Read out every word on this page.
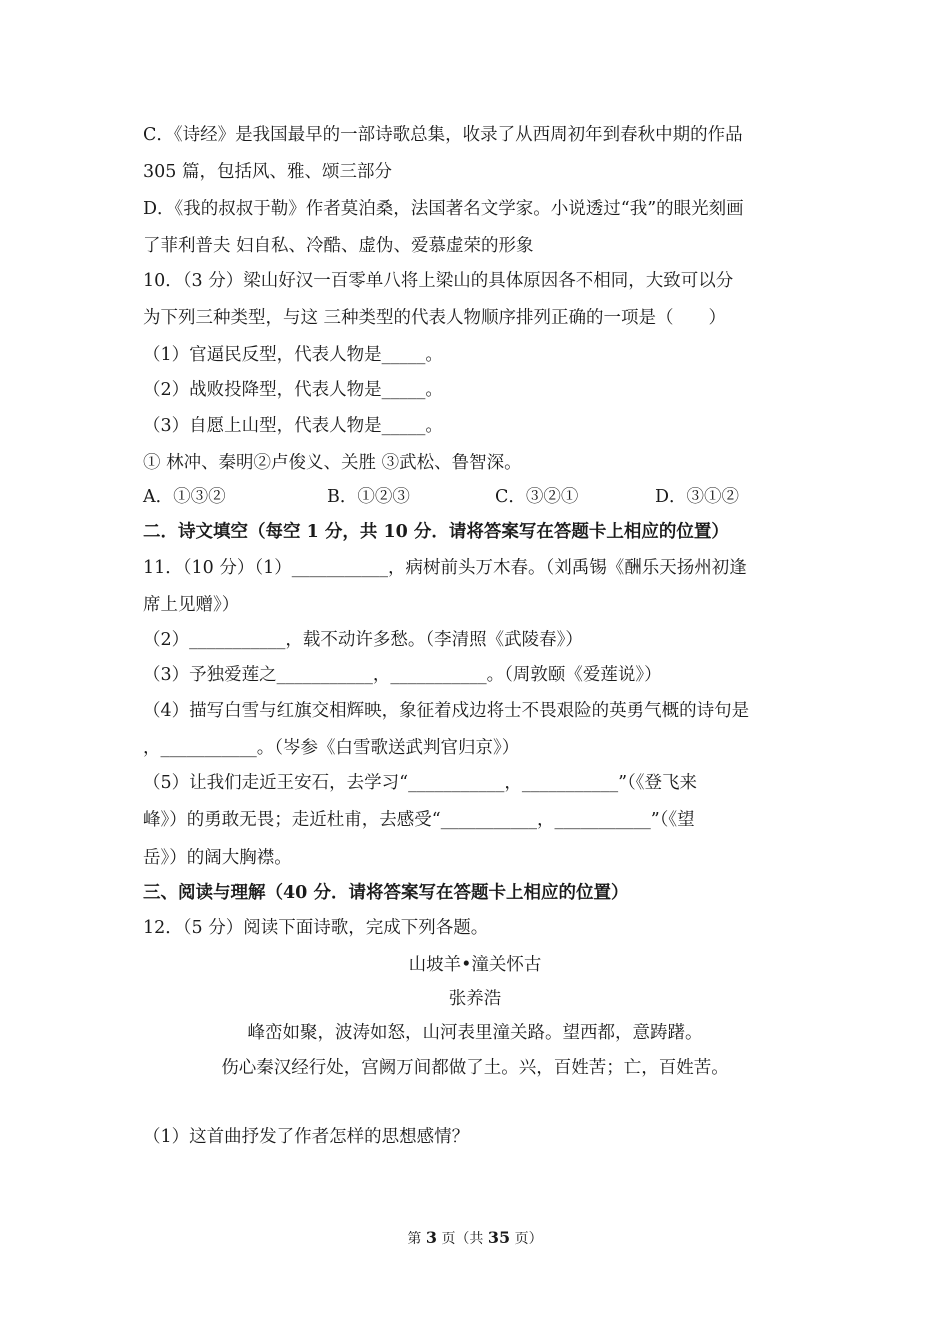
C．《诗经》是我国最早的一部诗歌总集，收录了从西周初年到春秋中期的作品
305 篇，包括风、雅、颂三部分
D．《我的叔叔于勒》作者莫泊桑，法国著名文学家。小说透过“我”的眼光刻画
了菲利普夫 妇自私、冷酷、虚伪、爱慕虚荣的形象
10．（3 分）梁山好汉一百零单八将上梁山的具体原因各不相同，大致可以分
为下列三种类型，与这 三种类型的代表人物顺序排列正确的一项是（　　）
（1）官逼民反型，代表人物是_____。
（2）战败投降型，代表人物是_____。
（3）自愿上山型，代表人物是_____。
① 林冲、秦明②卢俊义、关胜 ③武松、鲁智深。
A．①③②	B．①②③	C．③②①	D．③①②
二．诗文填空（每空 1 分，共 10 分．请将答案写在答题卡上相应的位置）
11．（10 分）（1）___________，病树前头万木春。（刘禹锡《酬乐天扬州初逢
席上见赠》）
（2）___________，载不动许多愁。（李清照《武陵春》）
（3）予独爱莲之___________，___________。（周敦颐《爱莲说》）
（4）描写白雪与红旗交相辉映，象征着戍边将士不畏艰险的英勇气概的诗句是
，___________。（岑参《白雪歌送武判官归京》）
（5）让我们走近王安石，去学习“___________，___________”（《登飞来
峰》）的勇敢无畏；走近杜甫，去感受“___________，___________”（《望
岳》）的阔大胸襟。
三、阅读与理解（40 分．请将答案写在答题卡上相应的位置）
12．（5 分）阅读下面诗歌，完成下列各题。
山坡羊•潼关怀古
张养浩
峰峦如聚，波涛如怒，山河表里潼关路。望西都，意踌躇。
伤心秦汉经行处，宫阙万间都做了土。兴，百姓苦；亡，百姓苦。
（1）这首曲抒发了作者怎样的思想感情？
第 3 页（共 35 页）
